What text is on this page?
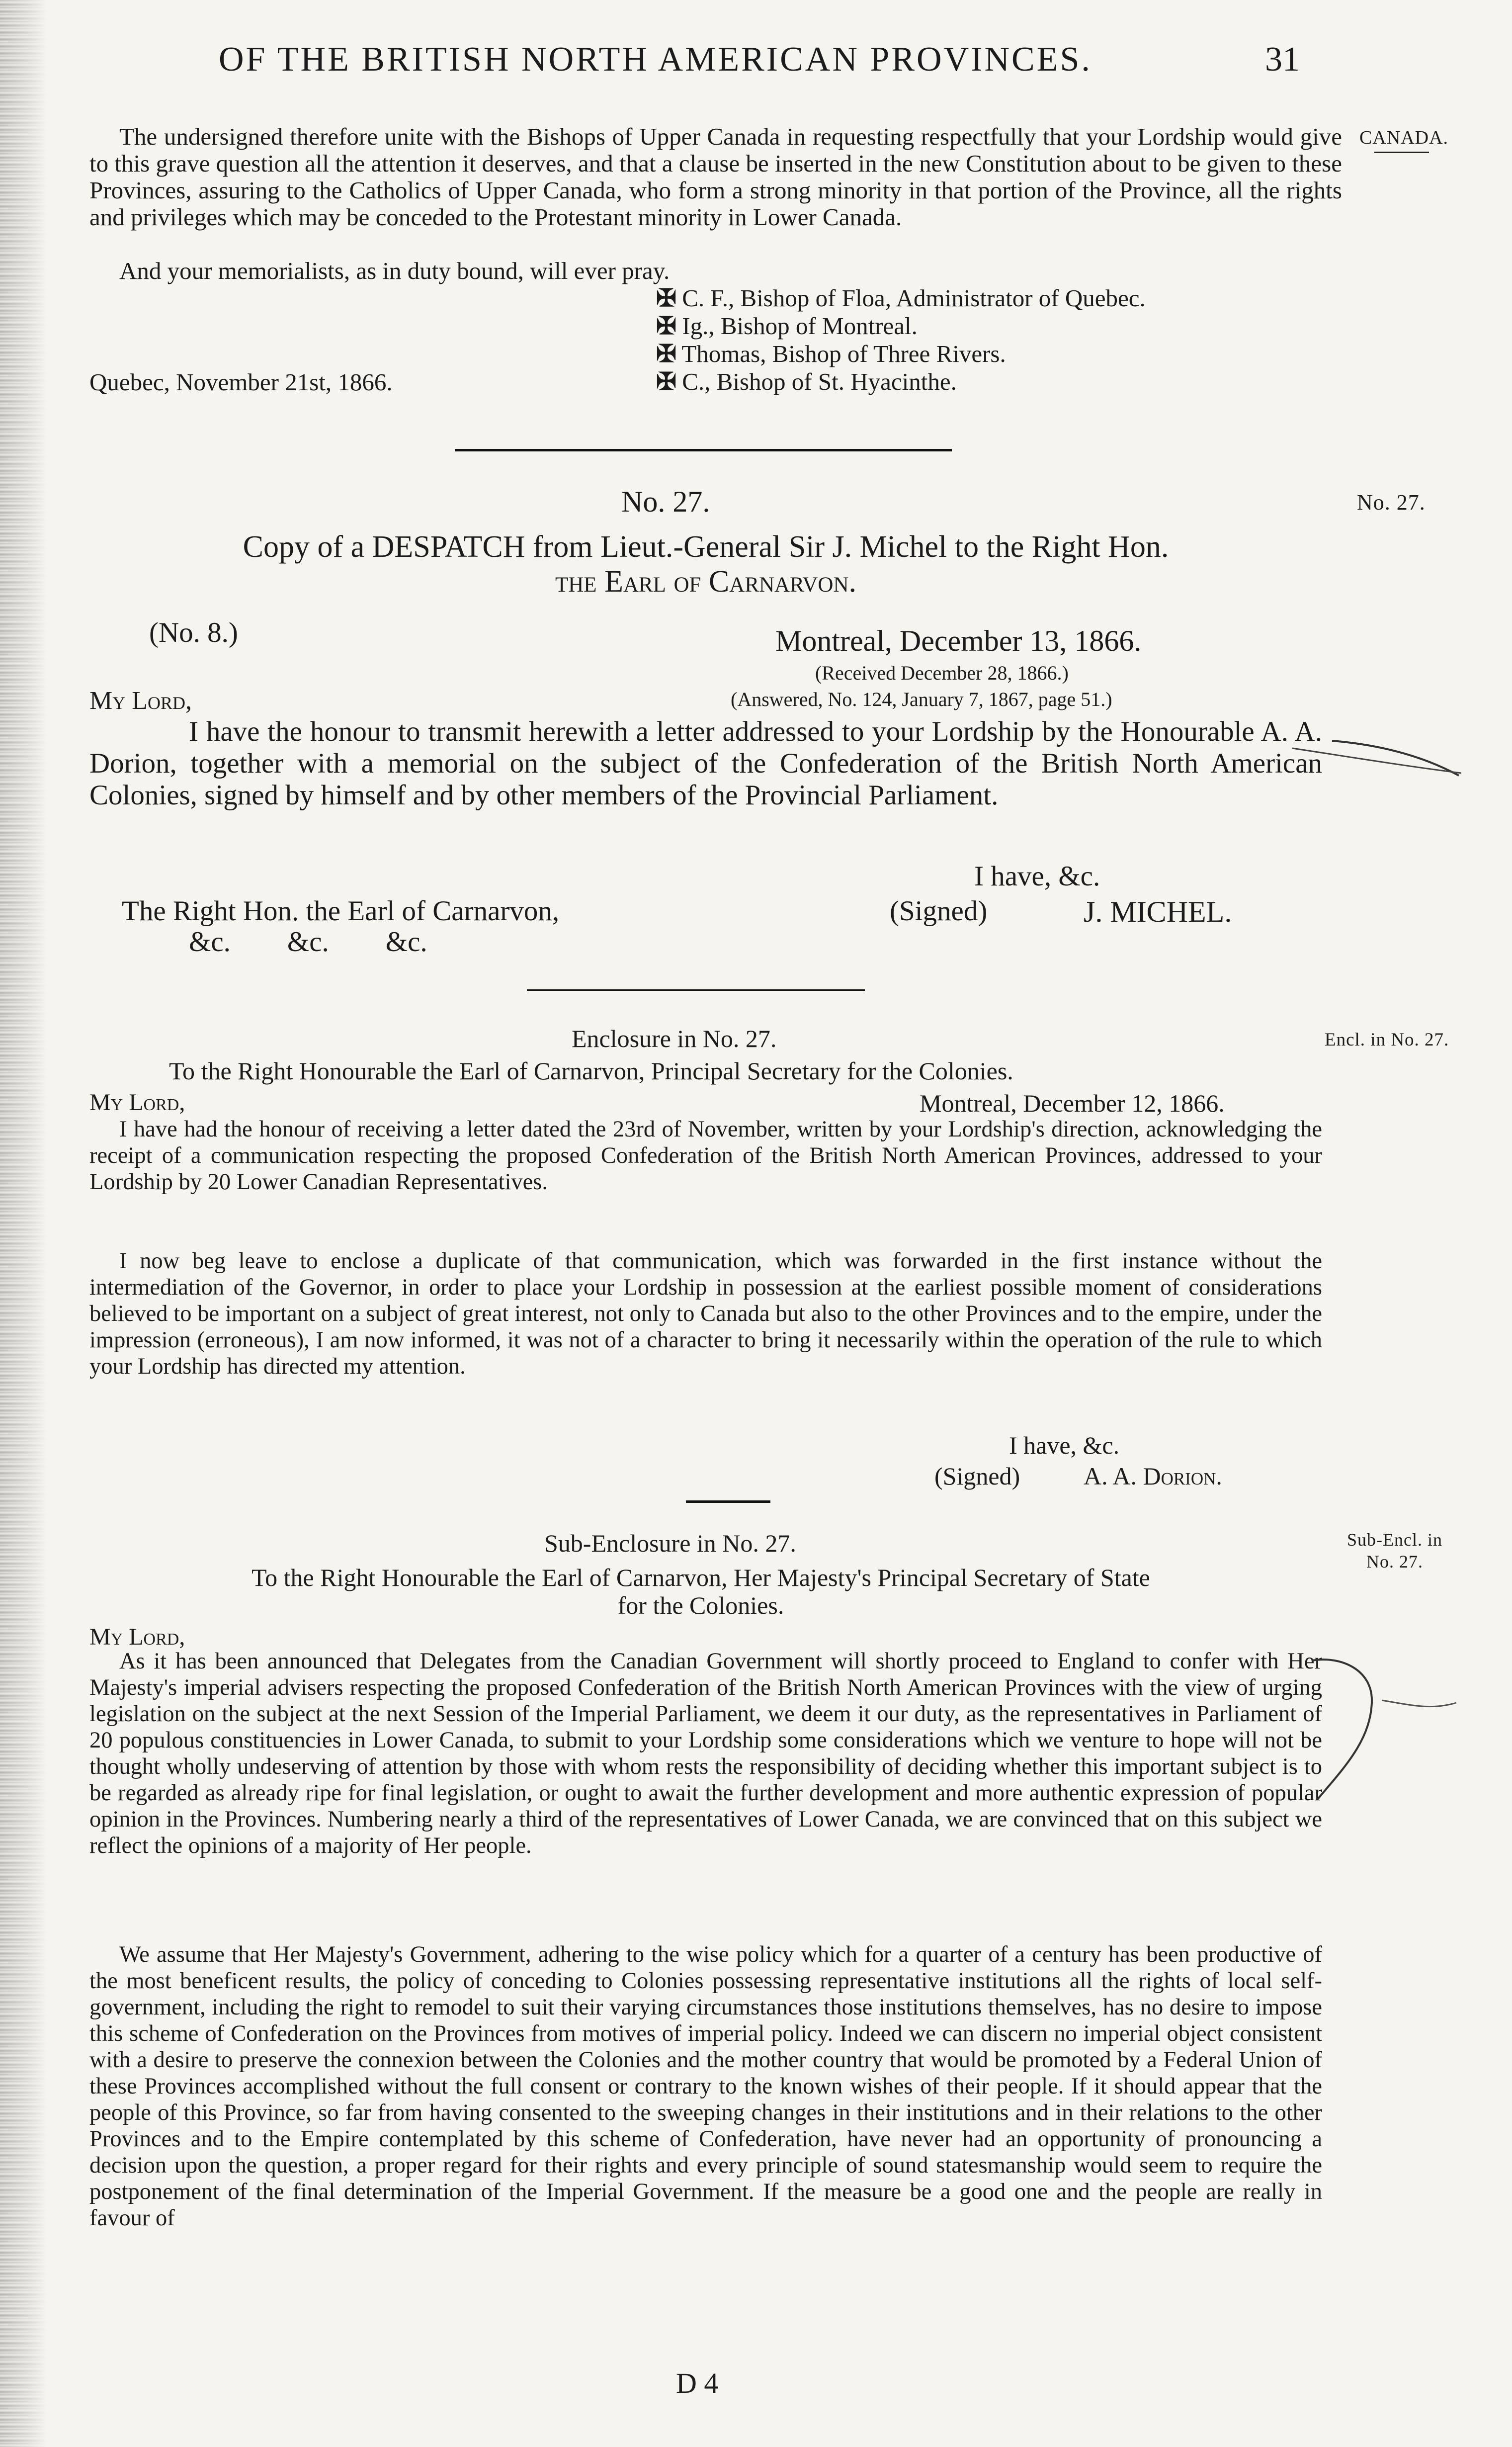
OF THE BRITISH NORTH AMERICAN PROVINCES.	31
CANADA.
No. 27.
Encl. in No. 27.
Sub-Encl. in
No. 27.
The undersigned therefore unite with the Bishops of Upper Canada in requesting respectfully that your Lordship would give to this grave question all the attention it deserves, and that a clause be inserted in the new Constitution about to be given to these Provinces, assuring to the Catholics of Upper Canada, who form a strong minority in that portion of the Province, all the rights and privileges which may be conceded to the Protestant minority in Lower Canada.
And your memorialists, as in duty bound, will ever pray.
✠ C. F., Bishop of Floa, Administrator of Quebec.
✠ Ig., Bishop of Montreal.
✠ Thomas, Bishop of Three Rivers.
✠ C., Bishop of St. Hyacinthe.
Quebec, November 21st, 1866.
No. 27.
Copy of a DESPATCH from Lieut.-General Sir J. Michel to the Right Hon.
the Earl of Carnarvon.
(No. 8.)	Montreal, December 13, 1866.
(Received December 28, 1866.)
(Answered, No. 124, January 7, 1867, page 51.)
My Lord,
I have the honour to transmit herewith a letter addressed to your Lordship by the Honourable A. A. Dorion, together with a memorial on the subject of the Confederation of the British North American Colonies, signed by himself and by other members of the Provincial Parliament.
I have, &c.
(Signed)	J. MICHEL.
The Right Hon. the Earl of Carnarvon,
&c.        &c.        &c.
Enclosure in No. 27.
To the Right Honourable the Earl of Carnarvon, Principal Secretary for the Colonies.
My Lord,	Montreal, December 12, 1866.
I have had the honour of receiving a letter dated the 23rd of November, written by your Lordship's direction, acknowledging the receipt of a communication respecting the proposed Confederation of the British North American Provinces, addressed to your Lordship by 20 Lower Canadian Representatives.
I now beg leave to enclose a duplicate of that communication, which was forwarded in the first instance without the intermediation of the Governor, in order to place your Lordship in possession at the earliest possible moment of considerations believed to be important on a subject of great interest, not only to Canada but also to the other Provinces and to the empire, under the impression (erroneous), I am now informed, it was not of a character to bring it necessarily within the operation of the rule to which your Lordship has directed my attention.
I have, &c.
(Signed)	A. A. Dorion.
Sub-Enclosure in No. 27.
To the Right Honourable the Earl of Carnarvon, Her Majesty's Principal Secretary of State
for the Colonies.
My Lord,
As it has been announced that Delegates from the Canadian Government will shortly proceed to England to confer with Her Majesty's imperial advisers respecting the proposed Confederation of the British North American Provinces with the view of urging legislation on the subject at the next Session of the Imperial Parliament, we deem it our duty, as the representatives in Parliament of 20 populous constituencies in Lower Canada, to submit to your Lordship some considerations which we venture to hope will not be thought wholly undeserving of attention by those with whom rests the responsibility of deciding whether this important subject is to be regarded as already ripe for final legislation, or ought to await the further development and more authentic expression of popular opinion in the Provinces. Numbering nearly a third of the representatives of Lower Canada, we are convinced that on this subject we reflect the opinions of a majority of Her people.
We assume that Her Majesty's Government, adhering to the wise policy which for a quarter of a century has been productive of the most beneficent results, the policy of conceding to Colonies possessing representative institutions all the rights of local self-government, including the right to remodel to suit their varying circumstances those institutions themselves, has no desire to impose this scheme of Confederation on the Provinces from motives of imperial policy. Indeed we can discern no imperial object consistent with a desire to preserve the connexion between the Colonies and the mother country that would be promoted by a Federal Union of these Provinces accomplished without the full consent or contrary to the known wishes of their people. If it should appear that the people of this Province, so far from having consented to the sweeping changes in their institutions and in their relations to the other Provinces and to the Empire contemplated by this scheme of Confederation, have never had an opportunity of pronouncing a decision upon the question, a proper regard for their rights and every principle of sound statesmanship would seem to require the postponement of the final determination of the Imperial Government. If the measure be a good one and the people are really in favour of
D 4
